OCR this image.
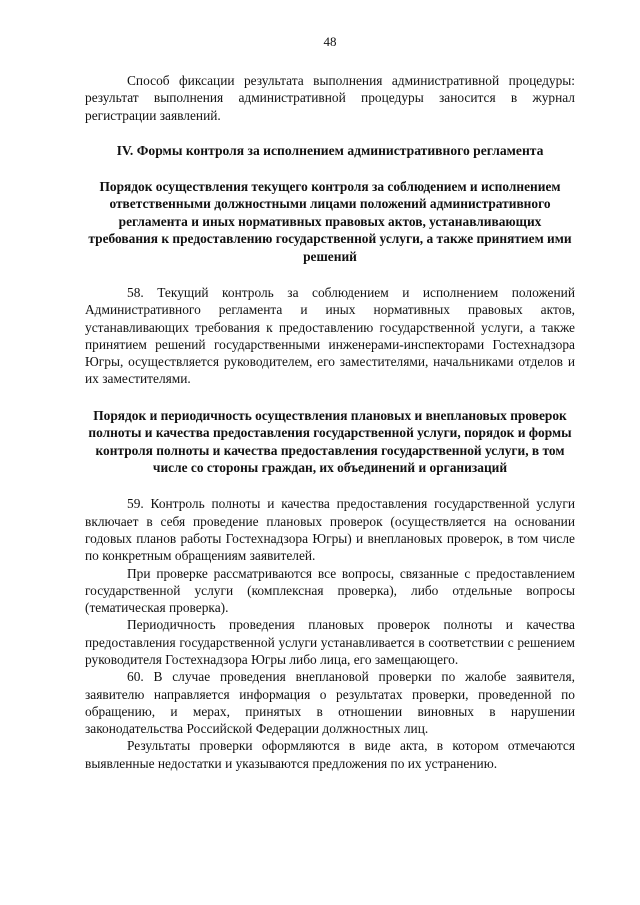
48

Способ фиксации результата выполнения административной процедуры: результат выполнения административной процедуры заносится в журнал регистрации заявлений.

IV. Формы контроля за исполнением административного регламента
Порядок осуществления текущего контроля за соблюдением и исполнением ответственными должностными лицами положений административного регламента и иных нормативных правовых актов, устанавливающих требования к предоставлению государственной услуги, а также принятием ими решений

58. Текущий контроль за соблюдением и исполнением положений Административного регламента и иных нормативных правовых актов, устанавливающих требования к предоставлению государственной услуги, а также принятием решений государственными инженерами-инспекторами Гостехнадзора Югры, осуществляется руководителем, его заместителями, начальниками отделов и их заместителями.

Порядок и периодичность осуществления плановых и внеплановых проверок полноты и качества предоставления государственной услуги, порядок и формы контроля полноты и качества предоставления государственной услуги, в том числе со стороны граждан, их объединений и организаций

59. Контроль полноты и качества предоставления государственной услуги включает в себя проведение плановых проверок (осуществляется на основании годовых планов работы Гостехнадзора Югры) и внеплановых проверок, в том числе по конкретным обращениям заявителей.

При проверке рассматриваются все вопросы, связанные с предоставлением государственной услуги (комплексная проверка), либо отдельные вопросы (тематическая проверка).

Периодичность проведения плановых проверок полноты и качества предоставления государственной услуги устанавливается в соответствии с решением руководителя Гостехнадзора Югры либо лица, его замещающего.

60. В случае проведения внеплановой проверки по жалобе заявителя, заявителю направляется информация о результатах проверки, проведенной по обращению, и мерах, принятых в отношении виновных в нарушении законодательства Российской Федерации должностных лиц.

Результаты проверки оформляются в виде акта, в котором отмечаются выявленные недостатки и указываются предложения по их устранению.
